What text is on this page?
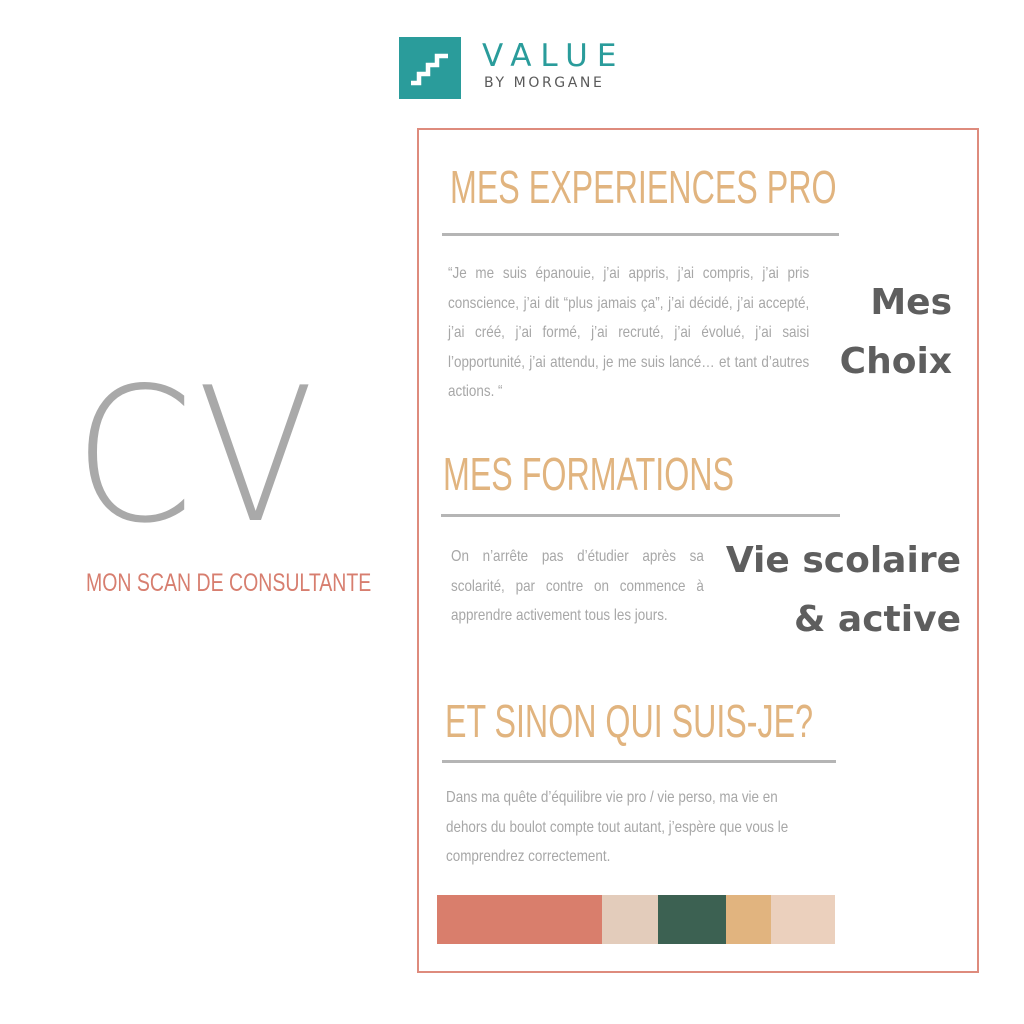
VALUE
BY MORGANE
CV
MON SCAN DE CONSULTANTE
MES EXPERIENCES PRO
“Je me suis épanouie, j’ai appris, j’ai compris, j’ai pris conscience, j’ai dit “plus jamais ça”, j’ai décidé, j’ai accepté, j’ai créé, j’ai formé, j’ai recruté, j’ai évolué, j’ai saisi l’opportunité, j’ai attendu, je me suis lancé… et tant d’autres actions. “
Mes
Choix
MES FORMATIONS
On n’arrête pas d’étudier après sa scolarité, par contre on commence à apprendre activement tous les jours.
Vie scolaire
& active
ET SINON QUI SUIS-JE?
Dans ma quête d’équilibre vie pro / vie perso, ma vie en dehors du boulot compte tout autant, j’espère que vous le comprendrez correctement.
